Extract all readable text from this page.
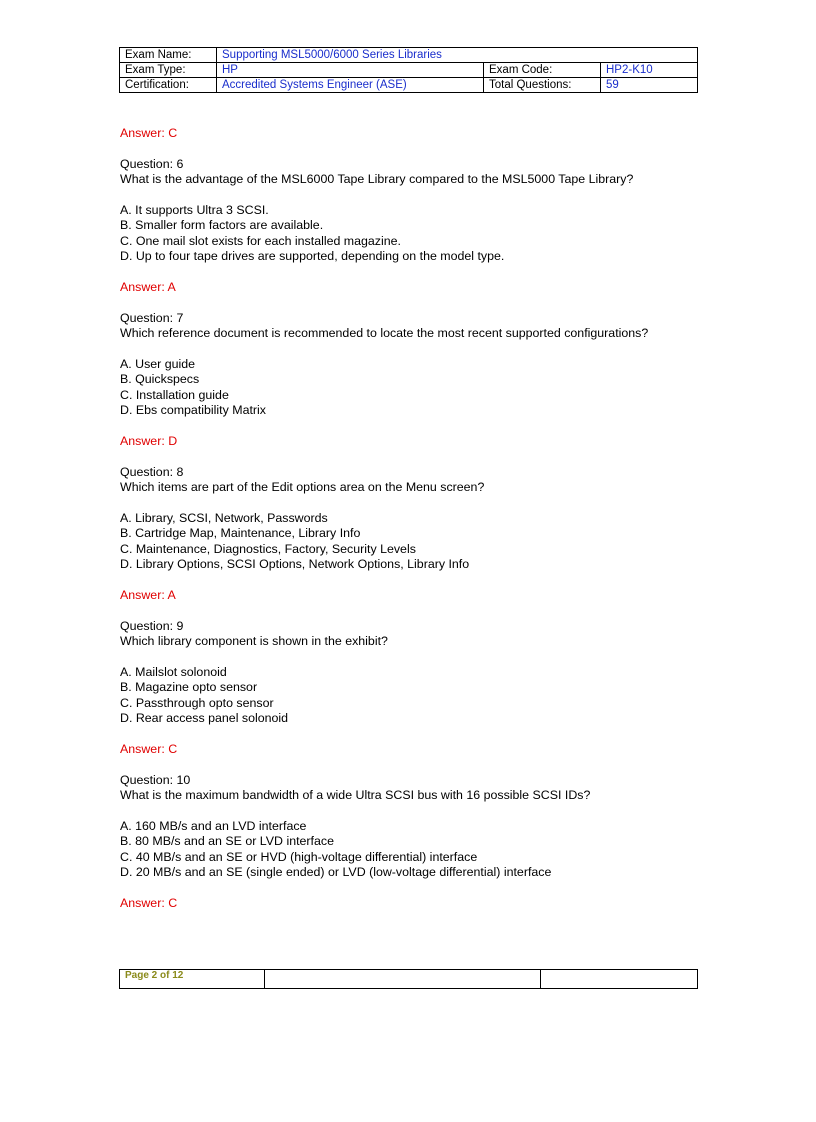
Exam Name:	Supporting MSL5000/6000 Series Libraries		
Exam Type:	HP	Exam Code:	HP2-K10
Certification:	Accredited Systems Engineer (ASE)	Total Questions:	59

Answer: C

Question: 6

What is the advantage of the MSL6000 Tape Library compared to the MSL5000 Tape Library?

A. It supports Ultra 3 SCSI.

B. Smaller form factors are available.

C. One mail slot exists for each installed magazine.

D. Up to four tape drives are supported, depending on the model type.

Answer: A

Question: 7

Which reference document is recommended to locate the most recent supported configurations?

A. User guide

B. Quickspecs

C. Installation guide

D. Ebs compatibility Matrix

Answer: D

Question: 8

Which items are part of the Edit options area on the Menu screen?

A. Library, SCSI, Network, Passwords

B. Cartridge Map, Maintenance, Library Info

C. Maintenance, Diagnostics, Factory, Security Levels

D. Library Options, SCSI Options, Network Options, Library Info

Answer: A

Question: 9

Which library component is shown in the exhibit?

A. Mailslot solonoid

B. Magazine opto sensor

C. Passthrough opto sensor

D. Rear access panel solonoid

Answer: C

Question: 10

What is the maximum bandwidth of a wide Ultra SCSI bus with 16 possible SCSI IDs?

A. 160 MB/s and an LVD interface

B. 80 MB/s and an SE or LVD interface

C. 40 MB/s and an SE or HVD (high-voltage differential) interface

D. 20 MB/s and an SE (single ended) or LVD (low-voltage differential) interface

Answer: C

Page 2 of 12		
